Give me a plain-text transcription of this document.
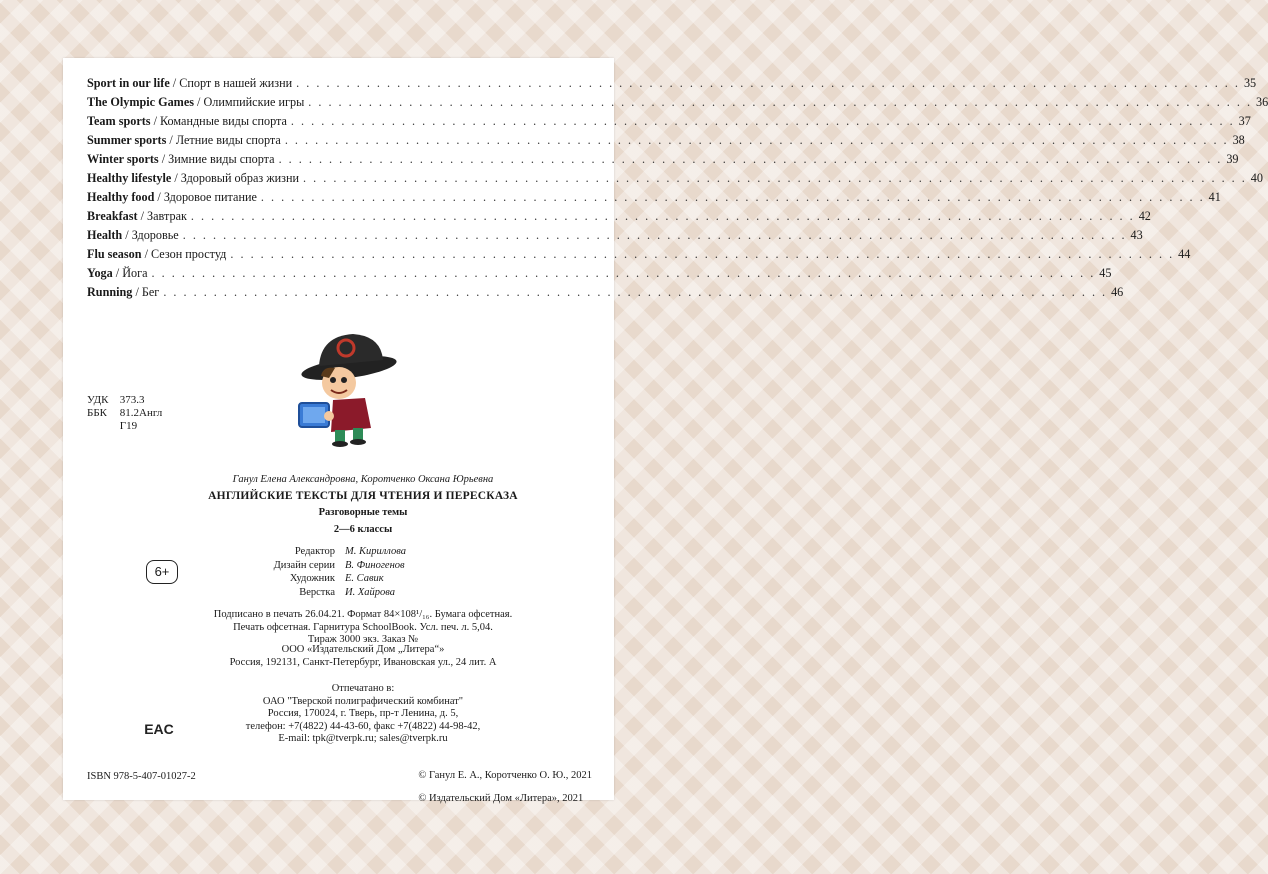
Sport in our life / Спорт в нашей жизни . . .	35
The Olympic Games / Олимпийские игры . . .	36
Team sports / Командные виды спорта . . .	37
Summer sports / Летние виды спорта . . .	38
Winter sports / Зимние виды спорта . . .	39
Healthy lifestyle / Здоровый образ жизни . . .	40
Healthy food / Здоровое питание . . .	41
Breakfast / Завтрак . . .	42
Health / Здоровье . . .	43
Flu season / Сезон простуд . . .	44
Yoga / Йога . . .	45
Running / Бег . . .	46
УДК 373.3
ББК 81.2Англ
Г19
Ганул Елена Александровна, Коротченко Оксана Юрьевна
АНГЛИЙСКИЕ ТЕКСТЫ ДЛЯ ЧТЕНИЯ И ПЕРЕСКАЗА
Разговорные темы
2—6 классы
6+
Редактор М. Кириллова
Дизайн серии В. Финогенов
Художник Е. Савик
Верстка И. Хайрова

Подписано в печать 26.04.21. Формат 84×108¹/₁₆. Бумага офсетная.

Печать офсетная. Гарнитура SchoolBook. Усл. печ. л. 5,04.

Тираж 3000 экз. Заказ №

ООО «Издательский Дом „Литера“»

Россия, 192131, Санкт-Петербург, Ивановская ул., 24 лит. А

Отпечатано в:

ОАО "Тверской полиграфический комбинат"

Россия, 170024, г. Тверь, пр-т Ленина, д. 5,

телефон: +7(4822) 44-43-60, факс +7(4822) 44-98-42,

E-mail: tpk@tverpk.ru; sales@tverpk.ru

EAC
ISBN 978-5-407-01027-2	© Ганул Е. А., Коротченко О. Ю., 2021

© Издательский Дом «Литера», 2021
